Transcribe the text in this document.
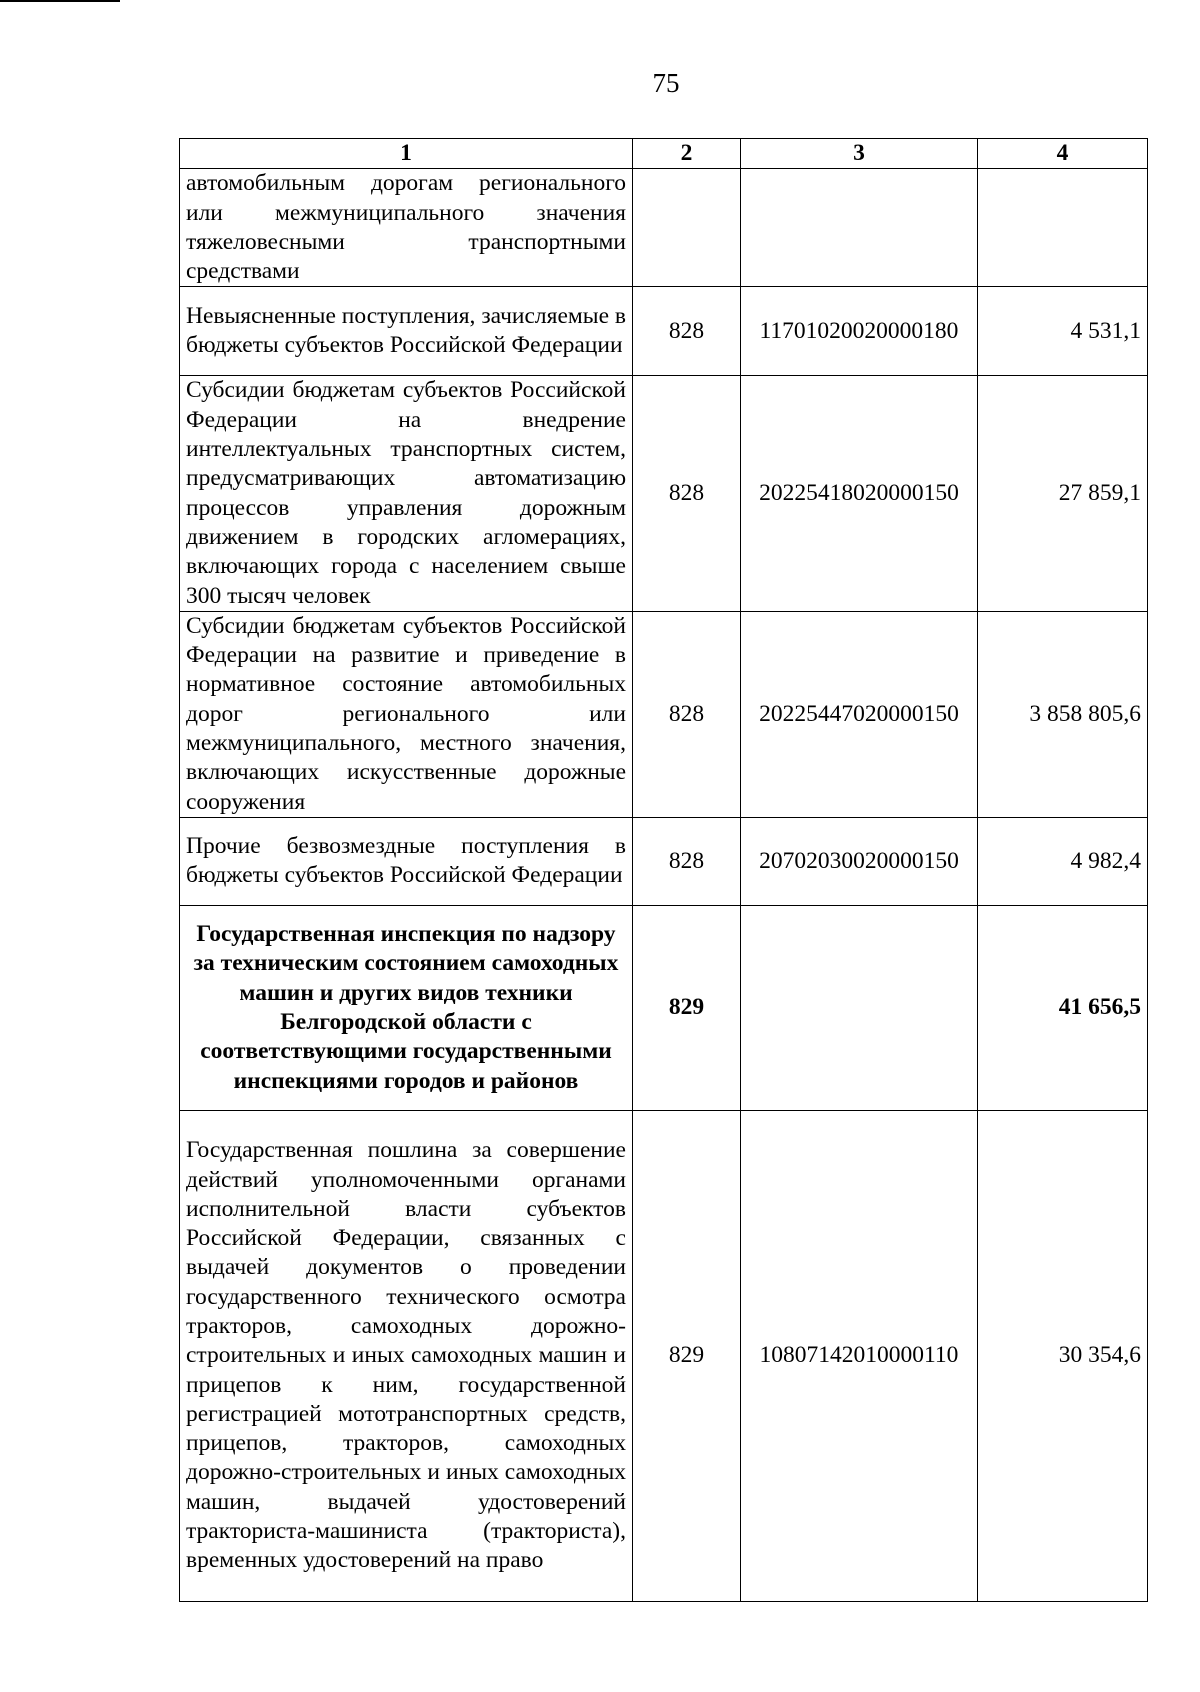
75
1	2	3	4
автомобильным дорогам регионального или межмуниципального значения тяжеловесными транспортными средствами			
Невыясненные поступления, зачисляемые в бюджеты субъектов Российской Федерации	828	11701020020000180	4 531,1
Субсидии бюджетам субъектов Российской Федерации на внедрение интеллектуальных транспортных систем, предусматривающих автоматизацию процессов управления дорожным движением в городских агломерациях, включающих города с населением свыше 300 тысяч человек	828	20225418020000150	27 859,1
Субсидии бюджетам субъектов Российской Федерации на развитие и приведение в нормативное состояние автомобильных дорог регионального или межмуниципального, местного значения, включающих искусственные дорожные сооружения	828	20225447020000150	3 858 805,6
Прочие безвозмездные поступления в бюджеты субъектов Российской Федерации	828	20702030020000150	4 982,4
Государственная инспекция по надзору за техническим состоянием самоходных машин и других видов техники Белгородской области с соответствующими государственными инспекциями городов и районов	829		41 656,5
Государственная пошлина за совершение действий уполномоченными органами исполнительной власти субъектов Российской Федерации, связанных с выдачей документов о проведении государственного технического осмотра тракторов, самоходных дорожно-строительных и иных самоходных машин и прицепов к ним, государственной регистрацией мототранспортных средств, прицепов, тракторов, самоходных дорожно-строительных и иных самоходных машин, выдачей удостоверений тракториста-машиниста (тракториста), временных удостоверений на право	829	10807142010000110	30 354,6
